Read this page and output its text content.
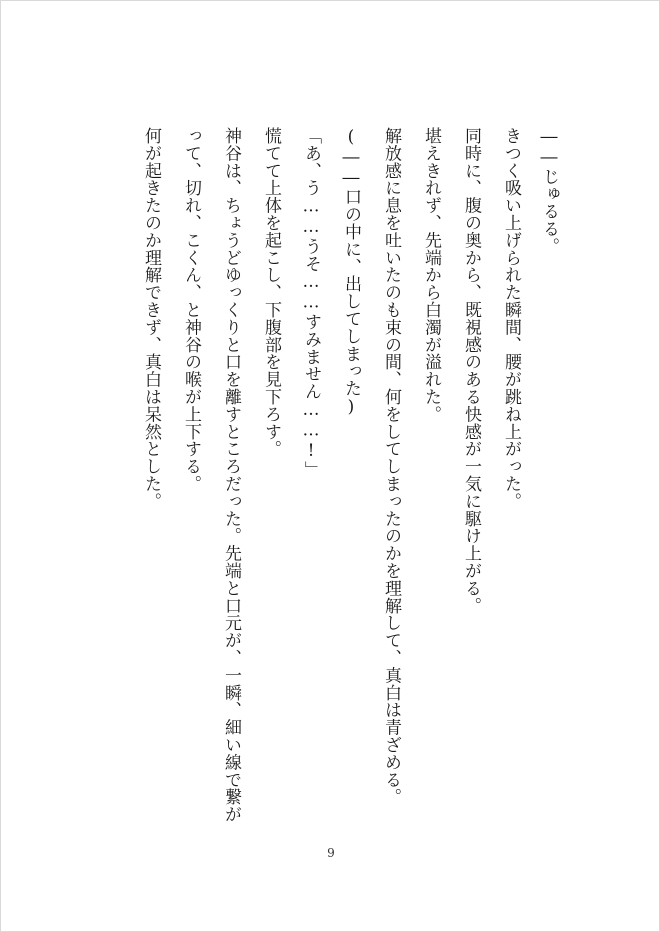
――じゅるる。
きつく吸い上げられた瞬間、腰が跳ね上がった。
同時に、腹の奥から、既視感のある快感が一気に駆け上がる。
堪えきれず、先端から白濁が溢れた。
解放感に息を吐いたのも束の間、何をしてしまったのかを理解して、真白は青ざめる。
(――口の中に、出してしまった)
「あ、う……うそ……すみません……!」
慌てて上体を起こし、下腹部を見下ろす。
神谷は、ちょうどゆっくりと口を離すところだった。先端と口元が、一瞬、細い線で繋が
って、切れ、こくん、と神谷の喉が上下する。
何が起きたのか理解できず、真白は呆然とした。
9
